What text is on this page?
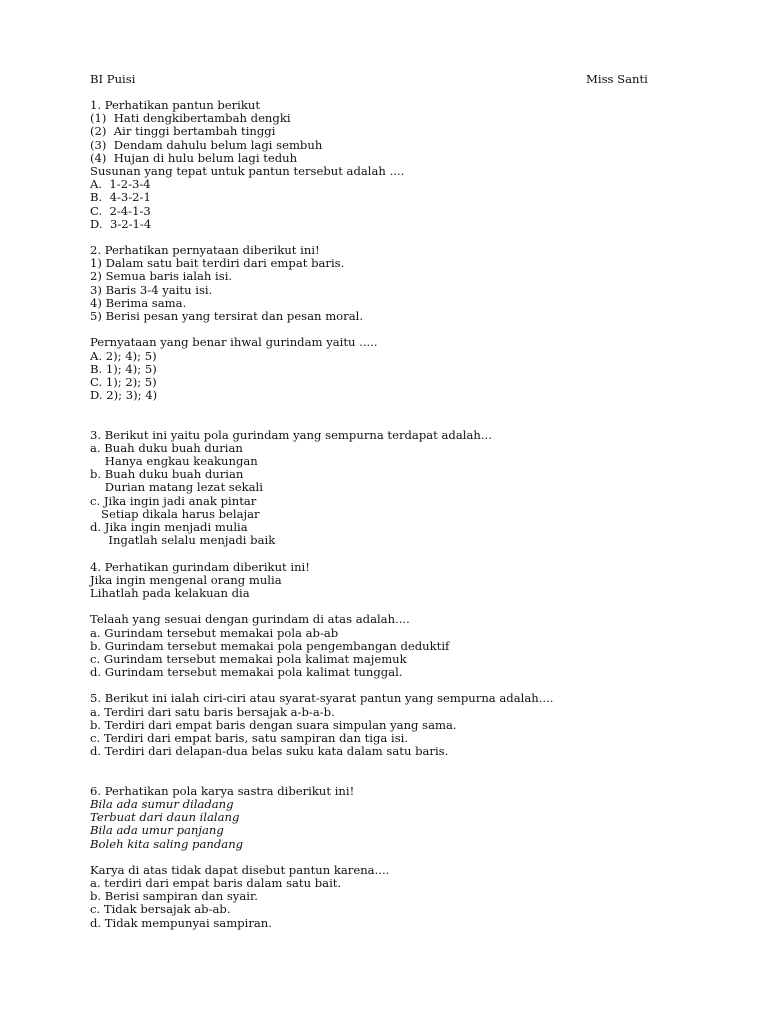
BI Puisi	Miss Santi
1. Perhatikan pantun berikut
(1)  Hati dengkibertambah dengki
(2)  Air tinggi bertambah tinggi
(3)  Dendam dahulu belum lagi sembuh
(4)  Hujan di hulu belum lagi teduh
Susunan yang tepat untuk pantun tersebut adalah ....
A.  1-2-3-4
B.  4-3-2-1
C.  2-4-1-3
D.  3-2-1-4
2. Perhatikan pernyataan diberikut ini!
1) Dalam satu bait terdiri dari empat baris.
2) Semua baris ialah isi.
3) Baris 3-4 yaitu isi.
4) Berima sama.
5) Berisi pesan yang tersirat dan pesan moral.
Pernyataan yang benar ihwal gurindam yaitu .....
A. 2); 4); 5)
B. 1); 4); 5)
C. 1); 2); 5)
D. 2); 3); 4)
3. Berikut ini yaitu pola gurindam yang sempurna terdapat adalah...
a. Buah duku buah durian
Hanya engkau keakungan
b. Buah duku buah durian
Durian matang lezat sekali
c. Jika ingin jadi anak pintar
Setiap dikala harus belajar
d. Jika ingin menjadi mulia
Ingatlah selalu menjadi baik
4. Perhatikan gurindam diberikut ini!
Jika ingin mengenal orang mulia
Lihatlah pada kelakuan dia
Telaah yang sesuai dengan gurindam di atas adalah....
a. Gurindam tersebut memakai pola ab-ab
b. Gurindam tersebut memakai pola pengembangan deduktif
c. Gurindam tersebut memakai pola kalimat majemuk
d. Gurindam tersebut memakai pola kalimat tunggal.
5. Berikut ini ialah ciri-ciri atau syarat-syarat pantun yang sempurna adalah....
a. Terdiri dari satu baris bersajak a-b-a-b.
b. Terdiri dari empat baris dengan suara simpulan yang sama.
c. Terdiri dari empat baris, satu sampiran dan tiga isi.
d. Terdiri dari delapan-dua belas suku kata dalam satu baris.
6. Perhatikan pola karya sastra diberikut ini!
Bila ada sumur diladang
Terbuat dari daun ilalang
Bila ada umur panjang
Boleh kita saling pandang
Karya di atas tidak dapat disebut pantun karena....
a. terdiri dari empat baris dalam satu bait.
b. Berisi sampiran dan syair.
c. Tidak bersajak ab-ab.
d. Tidak mempunyai sampiran.
